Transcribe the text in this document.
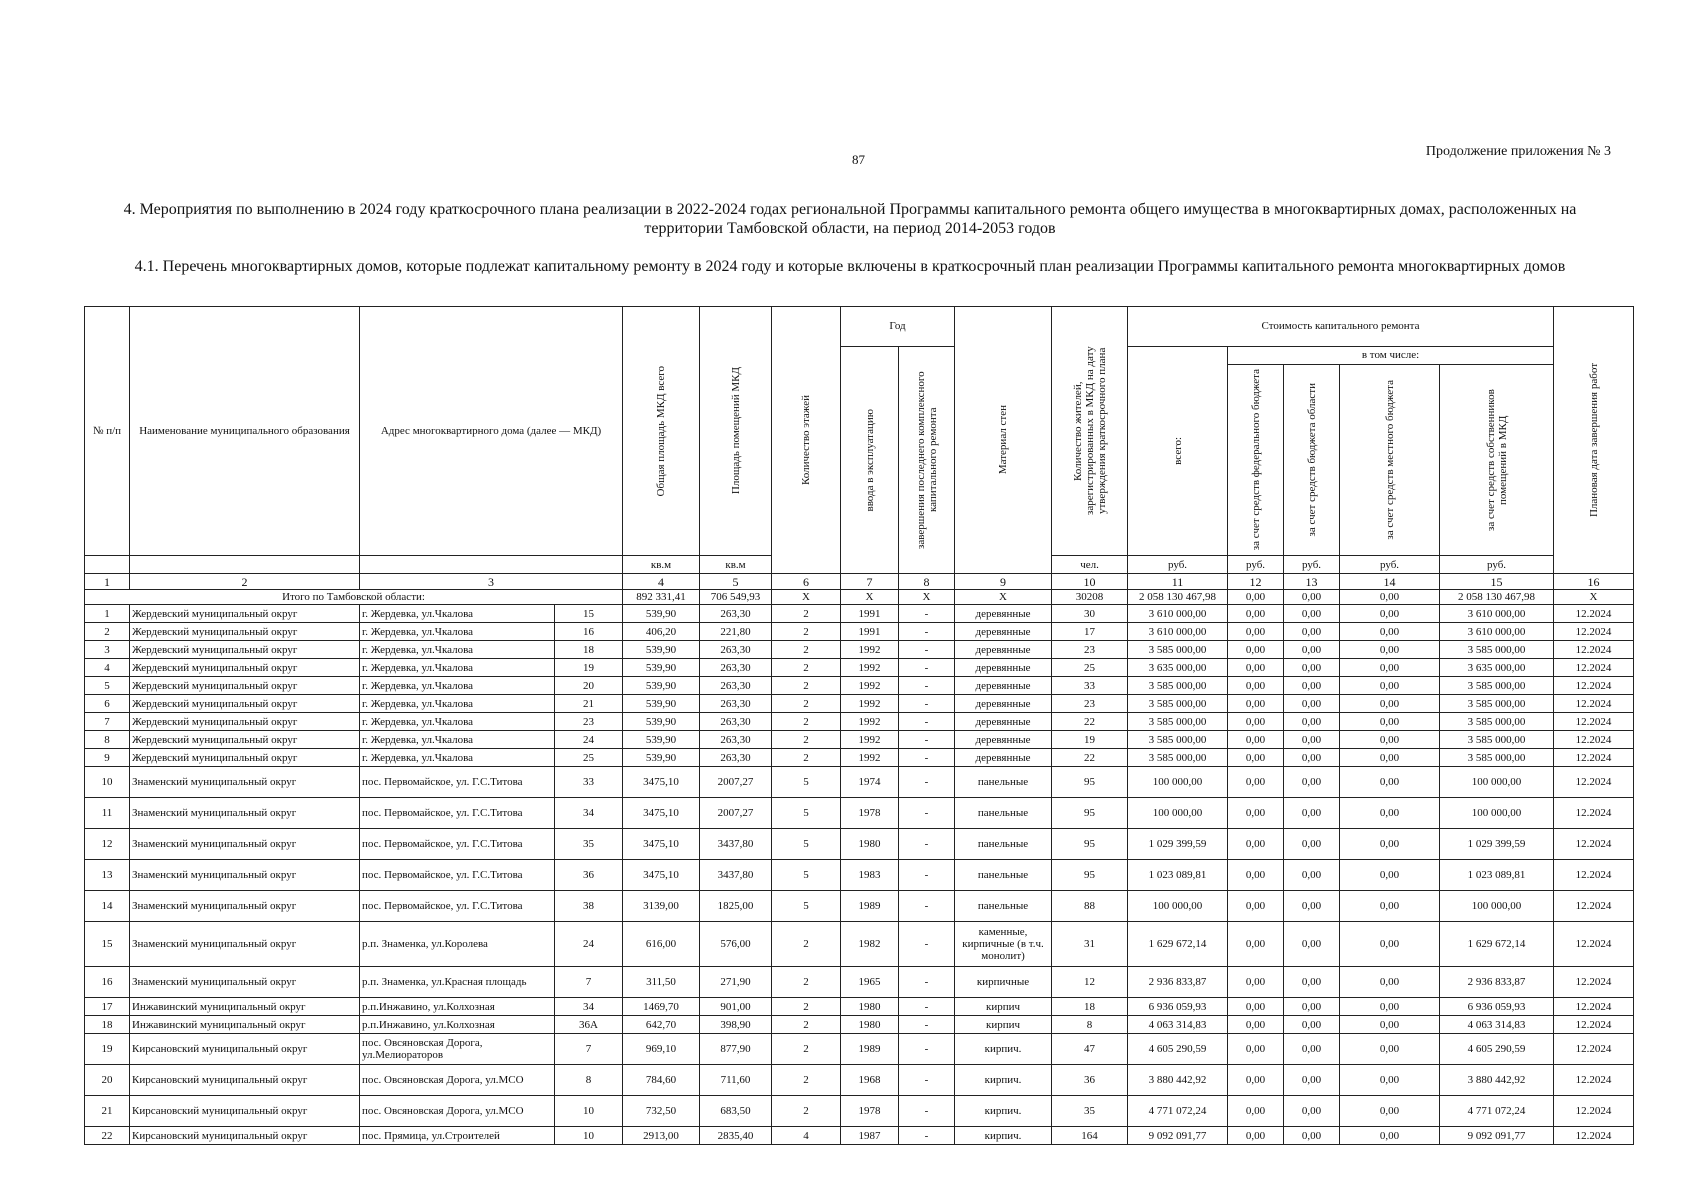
87
Продолжение приложения № 3
4. Мероприятия по выполнению в 2024 году краткосрочного плана реализации в 2022-2024 годах региональной Программы капитального ремонта общего имущества в многоквартирных домах, расположенных на территории Тамбовской области, на период 2014-2053 годов
4.1. Перечень многоквартирных домов, которые подлежат капитальному ремонту в 2024 году и которые включены в краткосрочный план реализации Программы капитального ремонта многоквартирных домов
№ п/п	Наименование муниципального образования	Адрес многоквартирного дома (далее — МКД)		Общая площадь МКД всего	Площадь помещений МКД	Количество этажей	Год		Материал стен	Количество жителей, зарегистрированных в МКД на дату утверждения краткосрочного плана	Стоимость капитального ремонта					Плановая дата завершения работ

							ввода в эксплуатацию	завершения последнего комплексного капитального ремонта			всего:	в том числе:				

												за счет средств федерального бюджета	за счет средств бюджета области	за счет средств местного бюджета	за счет средств собственников помещений в МКД	

				кв.м	кв.м					чел.	руб.	руб.	руб.	руб.	руб.	
1	2	3		4	5	6	7	8	9	10	11	12	13	14	15	16
Итого по Тамбовской области:				892 331,41	706 549,93	Х	Х	Х	Х	30208	2 058 130 467,98	0,00	0,00	0,00	2 058 130 467,98	Х
1	Жердевский муниципальный округ	г. Жердевка, ул.Чкалова	15	539,90	263,30	2	1991	-	деревянные	30	3 610 000,00	0,00	0,00	0,00	3 610 000,00	12.2024
2	Жердевский муниципальный округ	г. Жердевка, ул.Чкалова	16	406,20	221,80	2	1991	-	деревянные	17	3 610 000,00	0,00	0,00	0,00	3 610 000,00	12.2024
3	Жердевский муниципальный округ	г. Жердевка, ул.Чкалова	18	539,90	263,30	2	1992	-	деревянные	23	3 585 000,00	0,00	0,00	0,00	3 585 000,00	12.2024
4	Жердевский муниципальный округ	г. Жердевка, ул.Чкалова	19	539,90	263,30	2	1992	-	деревянные	25	3 635 000,00	0,00	0,00	0,00	3 635 000,00	12.2024
5	Жердевский муниципальный округ	г. Жердевка, ул.Чкалова	20	539,90	263,30	2	1992	-	деревянные	33	3 585 000,00	0,00	0,00	0,00	3 585 000,00	12.2024
6	Жердевский муниципальный округ	г. Жердевка, ул.Чкалова	21	539,90	263,30	2	1992	-	деревянные	23	3 585 000,00	0,00	0,00	0,00	3 585 000,00	12.2024
7	Жердевский муниципальный округ	г. Жердевка, ул.Чкалова	23	539,90	263,30	2	1992	-	деревянные	22	3 585 000,00	0,00	0,00	0,00	3 585 000,00	12.2024
8	Жердевский муниципальный округ	г. Жердевка, ул.Чкалова	24	539,90	263,30	2	1992	-	деревянные	19	3 585 000,00	0,00	0,00	0,00	3 585 000,00	12.2024
9	Жердевский муниципальный округ	г. Жердевка, ул.Чкалова	25	539,90	263,30	2	1992	-	деревянные	22	3 585 000,00	0,00	0,00	0,00	3 585 000,00	12.2024
10	Знаменский муниципальный округ	пос. Первомайское, ул. Г.С.Титова	33	3475,10	2007,27	5	1974	-	панельные	95	100 000,00	0,00	0,00	0,00	100 000,00	12.2024
11	Знаменский муниципальный округ	пос. Первомайское, ул. Г.С.Титова	34	3475,10	2007,27	5	1978	-	панельные	95	100 000,00	0,00	0,00	0,00	100 000,00	12.2024
12	Знаменский муниципальный округ	пос. Первомайское, ул. Г.С.Титова	35	3475,10	3437,80	5	1980	-	панельные	95	1 029 399,59	0,00	0,00	0,00	1 029 399,59	12.2024
13	Знаменский муниципальный округ	пос. Первомайское, ул. Г.С.Титова	36	3475,10	3437,80	5	1983	-	панельные	95	1 023 089,81	0,00	0,00	0,00	1 023 089,81	12.2024
14	Знаменский муниципальный округ	пос. Первомайское, ул. Г.С.Титова	38	3139,00	1825,00	5	1989	-	панельные	88	100 000,00	0,00	0,00	0,00	100 000,00	12.2024
15	Знаменский муниципальный округ	р.п. Знаменка, ул.Королева	24	616,00	576,00	2	1982	-	каменные, кирпичные (в т.ч. монолит)	31	1 629 672,14	0,00	0,00	0,00	1 629 672,14	12.2024
16	Знаменский муниципальный округ	р.п. Знаменка, ул.Красная площадь	7	311,50	271,90	2	1965	-	кирпичные	12	2 936 833,87	0,00	0,00	0,00	2 936 833,87	12.2024
17	Инжавинский муниципальный округ	р.п.Инжавино, ул.Колхозная	34	1469,70	901,00	2	1980	-	кирпич	18	6 936 059,93	0,00	0,00	0,00	6 936 059,93	12.2024
18	Инжавинский муниципальный округ	р.п.Инжавино, ул.Колхозная	36А	642,70	398,90	2	1980	-	кирпич	8	4 063 314,83	0,00	0,00	0,00	4 063 314,83	12.2024
19	Кирсановский муниципальный округ	пос. Овсяновская Дорога, ул.Мелиораторов	7	969,10	877,90	2	1989	-	кирпич.	47	4 605 290,59	0,00	0,00	0,00	4 605 290,59	12.2024
20	Кирсановский муниципальный округ	пос. Овсяновская Дорога, ул.МСО	8	784,60	711,60	2	1968	-	кирпич.	36	3 880 442,92	0,00	0,00	0,00	3 880 442,92	12.2024
21	Кирсановский муниципальный округ	пос. Овсяновская Дорога, ул.МСО	10	732,50	683,50	2	1978	-	кирпич.	35	4 771 072,24	0,00	0,00	0,00	4 771 072,24	12.2024
22	Кирсановский муниципальный округ	пос. Прямица, ул.Строителей	10	2913,00	2835,40	4	1987	-	кирпич.	164	9 092 091,77	0,00	0,00	0,00	9 092 091,77	12.2024
